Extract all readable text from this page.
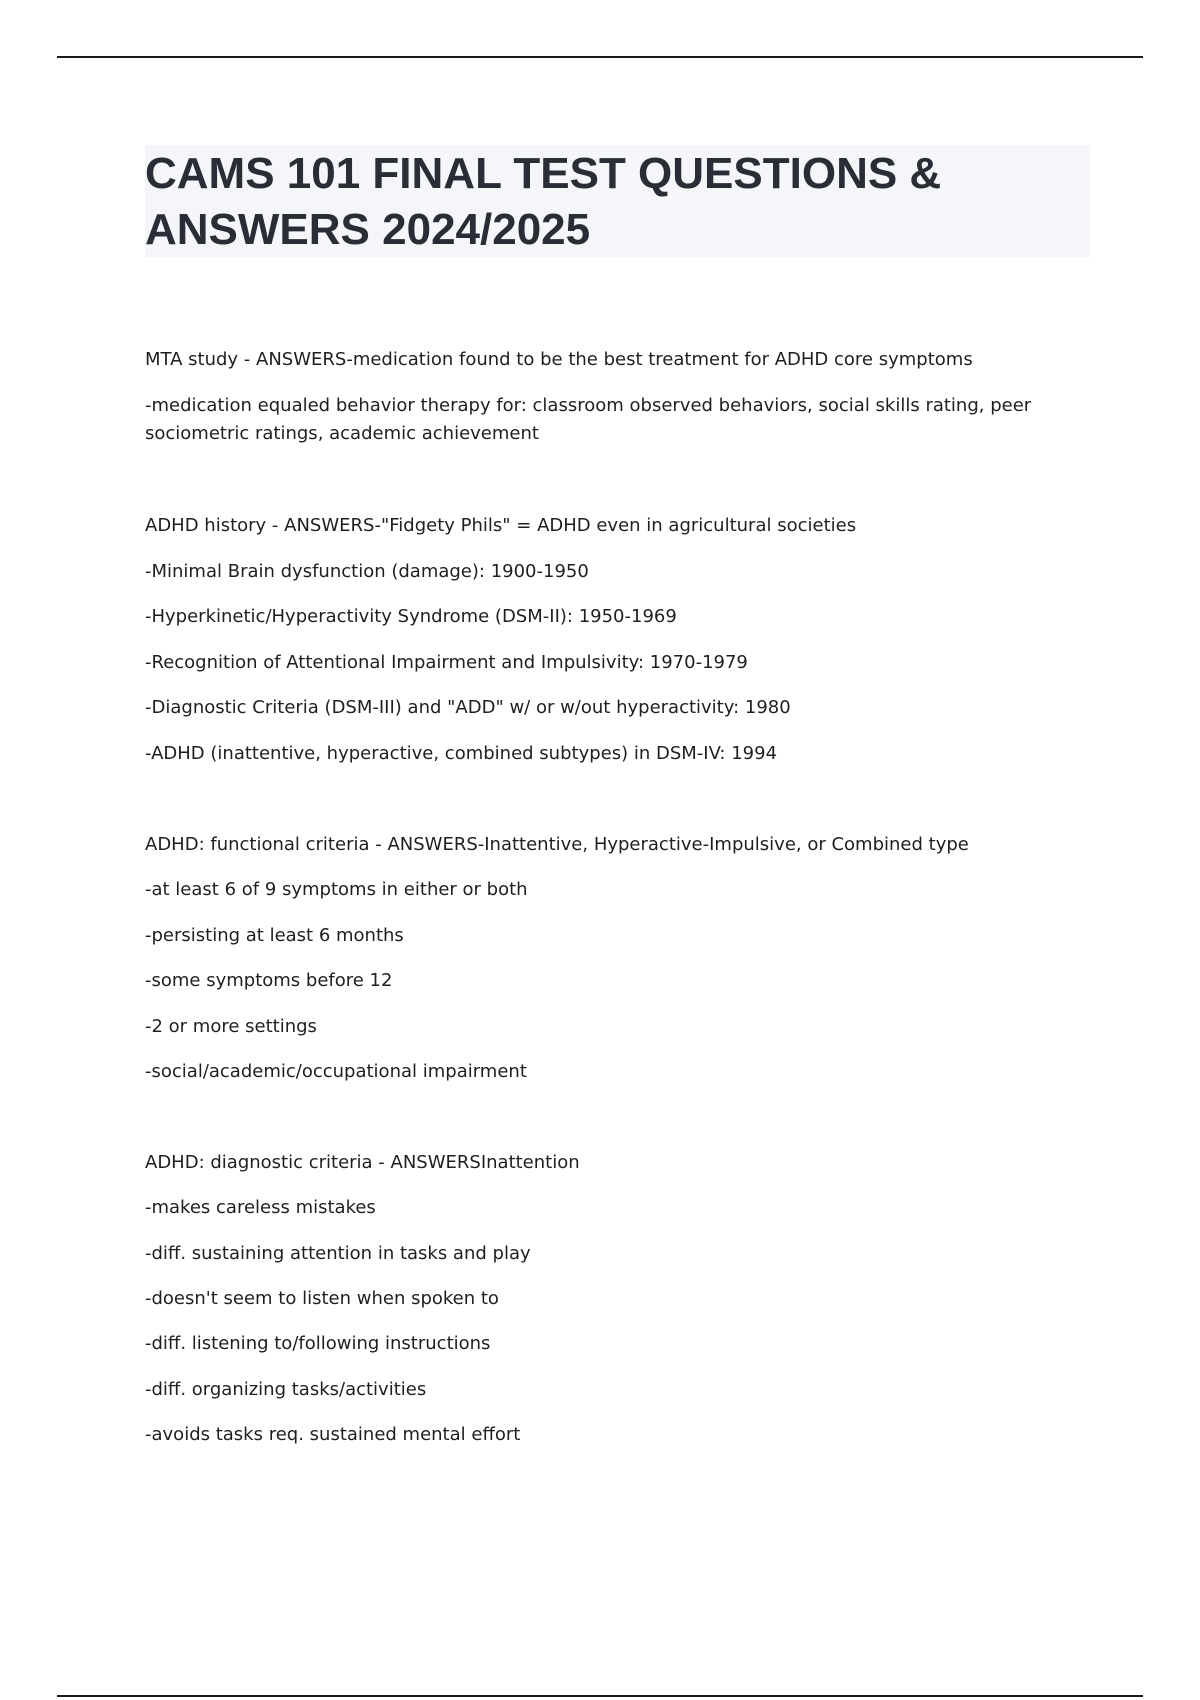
CAMS 101 FINAL TEST QUESTIONS & ANSWERS 2024/2025

MTA study - ANSWERS-medication found to be the best treatment for ADHD core symptoms

-medication equaled behavior therapy for: classroom observed behaviors, social skills rating, peer sociometric ratings, academic achievement

ADHD history - ANSWERS-"Fidgety Phils" = ADHD even in agricultural societies

-Minimal Brain dysfunction (damage): 1900-1950

-Hyperkinetic/Hyperactivity Syndrome (DSM-II): 1950-1969

-Recognition of Attentional Impairment and Impulsivity: 1970-1979

-Diagnostic Criteria (DSM-III) and "ADD" w/ or w/out hyperactivity: 1980

-ADHD (inattentive, hyperactive, combined subtypes) in DSM-IV: 1994

ADHD: functional criteria - ANSWERS-Inattentive, Hyperactive-Impulsive, or Combined type

-at least 6 of 9 symptoms in either or both

-persisting at least 6 months

-some symptoms before 12

-2 or more settings

-social/academic/occupational impairment

ADHD: diagnostic criteria - ANSWERSInattention

-makes careless mistakes

-diff. sustaining attention in tasks and play

-doesn't seem to listen when spoken to

-diff. listening to/following instructions

-diff. organizing tasks/activities

-avoids tasks req. sustained mental effort
